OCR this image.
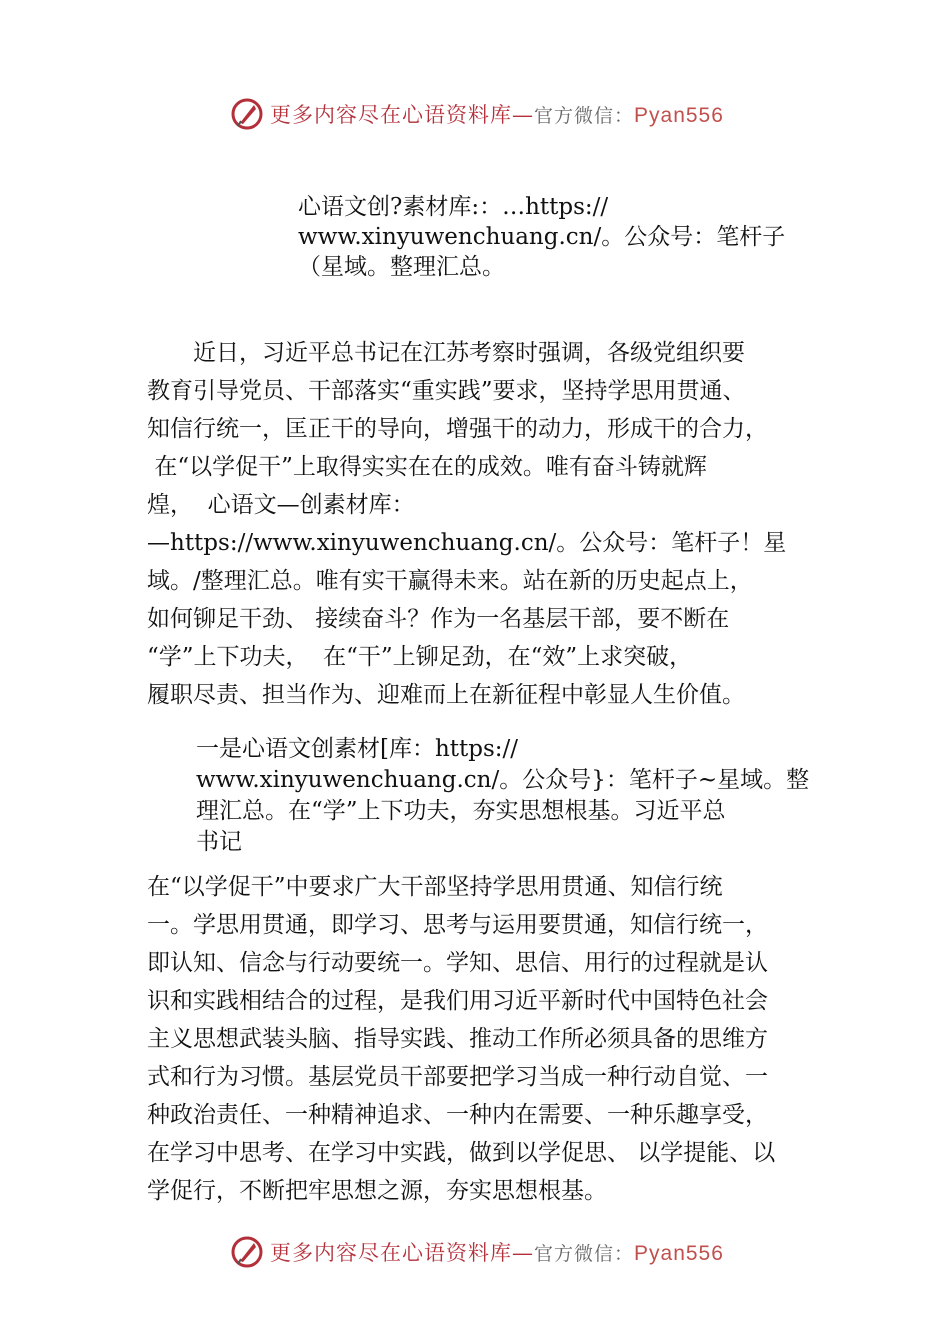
更多内容尽在心语资料库—官方微信：Pyan556
心语文创?素材库:：…https://
www.xinyuwenchuang.cn/。公众号：笔杆子
（星域。整理汇总。
　　近日，习近平总书记在江苏考察时强调，各级党组织要
教育引导党员、干部落实“重实践”要求，坚持学思用贯通、
知信行统一，匡正干的导向，增强干的动力，形成干的合力，
在“以学促干”上取得实实在在的成效。唯有奋斗铸就辉
煌，  心语文—创素材库：
—https://www.xinyuwenchuang.cn/。公众号：笔杆子！星
域。/整理汇总。唯有实干赢得未来。站在新的历史起点上，
如何铆足干劲、 接续奋斗？作为一名基层干部，要不断在
“学”上下功夫，  在“干”上铆足劲，在“效”上求突破，
履职尽责、担当作为、迎难而上在新征程中彰显人生价值。
一是心语文创素材[库：https://
www.xinyuwenchuang.cn/。公众号}：笔杆子~星域。整
理汇总。在“学”上下功夫，夯实思想根基。习近平总
书记
在“以学促干”中要求广大干部坚持学思用贯通、知信行统
一。学思用贯通，即学习、思考与运用要贯通，知信行统一，
即认知、信念与行动要统一。学知、思信、用行的过程就是认
识和实践相结合的过程，是我们用习近平新时代中国特色社会
主义思想武装头脑、指导实践、推动工作所必须具备的思维方
式和行为习惯。基层党员干部要把学习当成一种行动自觉、一
种政治责任、一种精神追求、一种内在需要、一种乐趣享受，
在学习中思考、在学习中实践，做到以学促思、 以学提能、以
学促行，不断把牢思想之源，夯实思想根基。
更多内容尽在心语资料库—官方微信：Pyan556
